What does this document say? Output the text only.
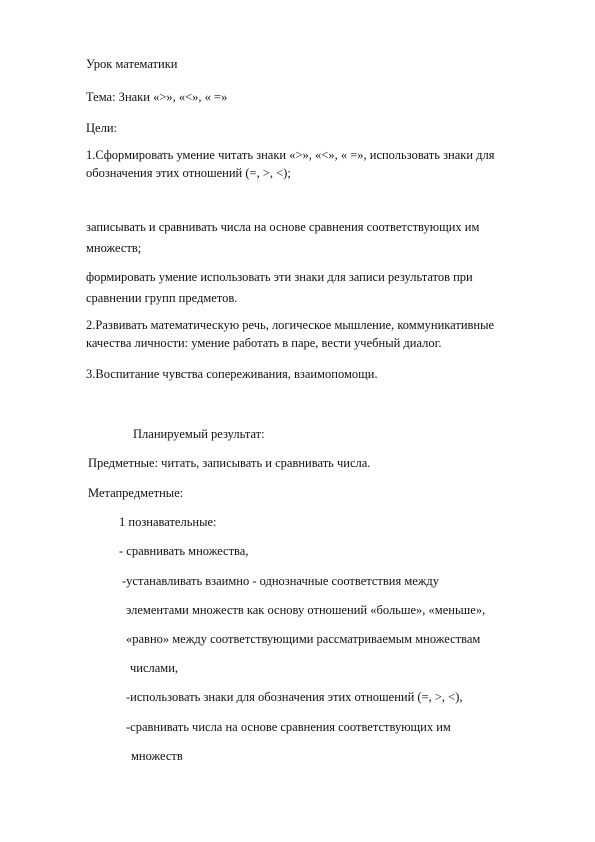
Урок математики
Тема: Знаки «>», «<», « =»
Цели:
1.Сформировать умение читать знаки «>», «<», « =», использовать знаки для
обозначения этих отношений (=, >, <);
записывать и сравнивать числа на основе сравнения соответствующих им
множеств;
формировать умение использовать эти знаки для записи результатов при
сравнении групп предметов.
2.Развивать математическую речь, логическое мышление, коммуникативные
качества личности: умение работать в паре, вести учебный диалог.
3.Воспитание чувства сопереживания, взаимопомощи.
Планируемый результат:
Предметные: читать, записывать и сравнивать числа.
Метапредметные:
1 познавательные:
- сравнивать множества,
-устанавливать взаимно - однозначные соответствия между
элементами множеств как основу отношений «больше», «меньше»,
«равно» между соответствующими рассматриваемым множествам
числами,
-использовать знаки для обозначения этих отношений (=, >, <),
-сравнивать числа на основе сравнения соответствующих им
множеств
